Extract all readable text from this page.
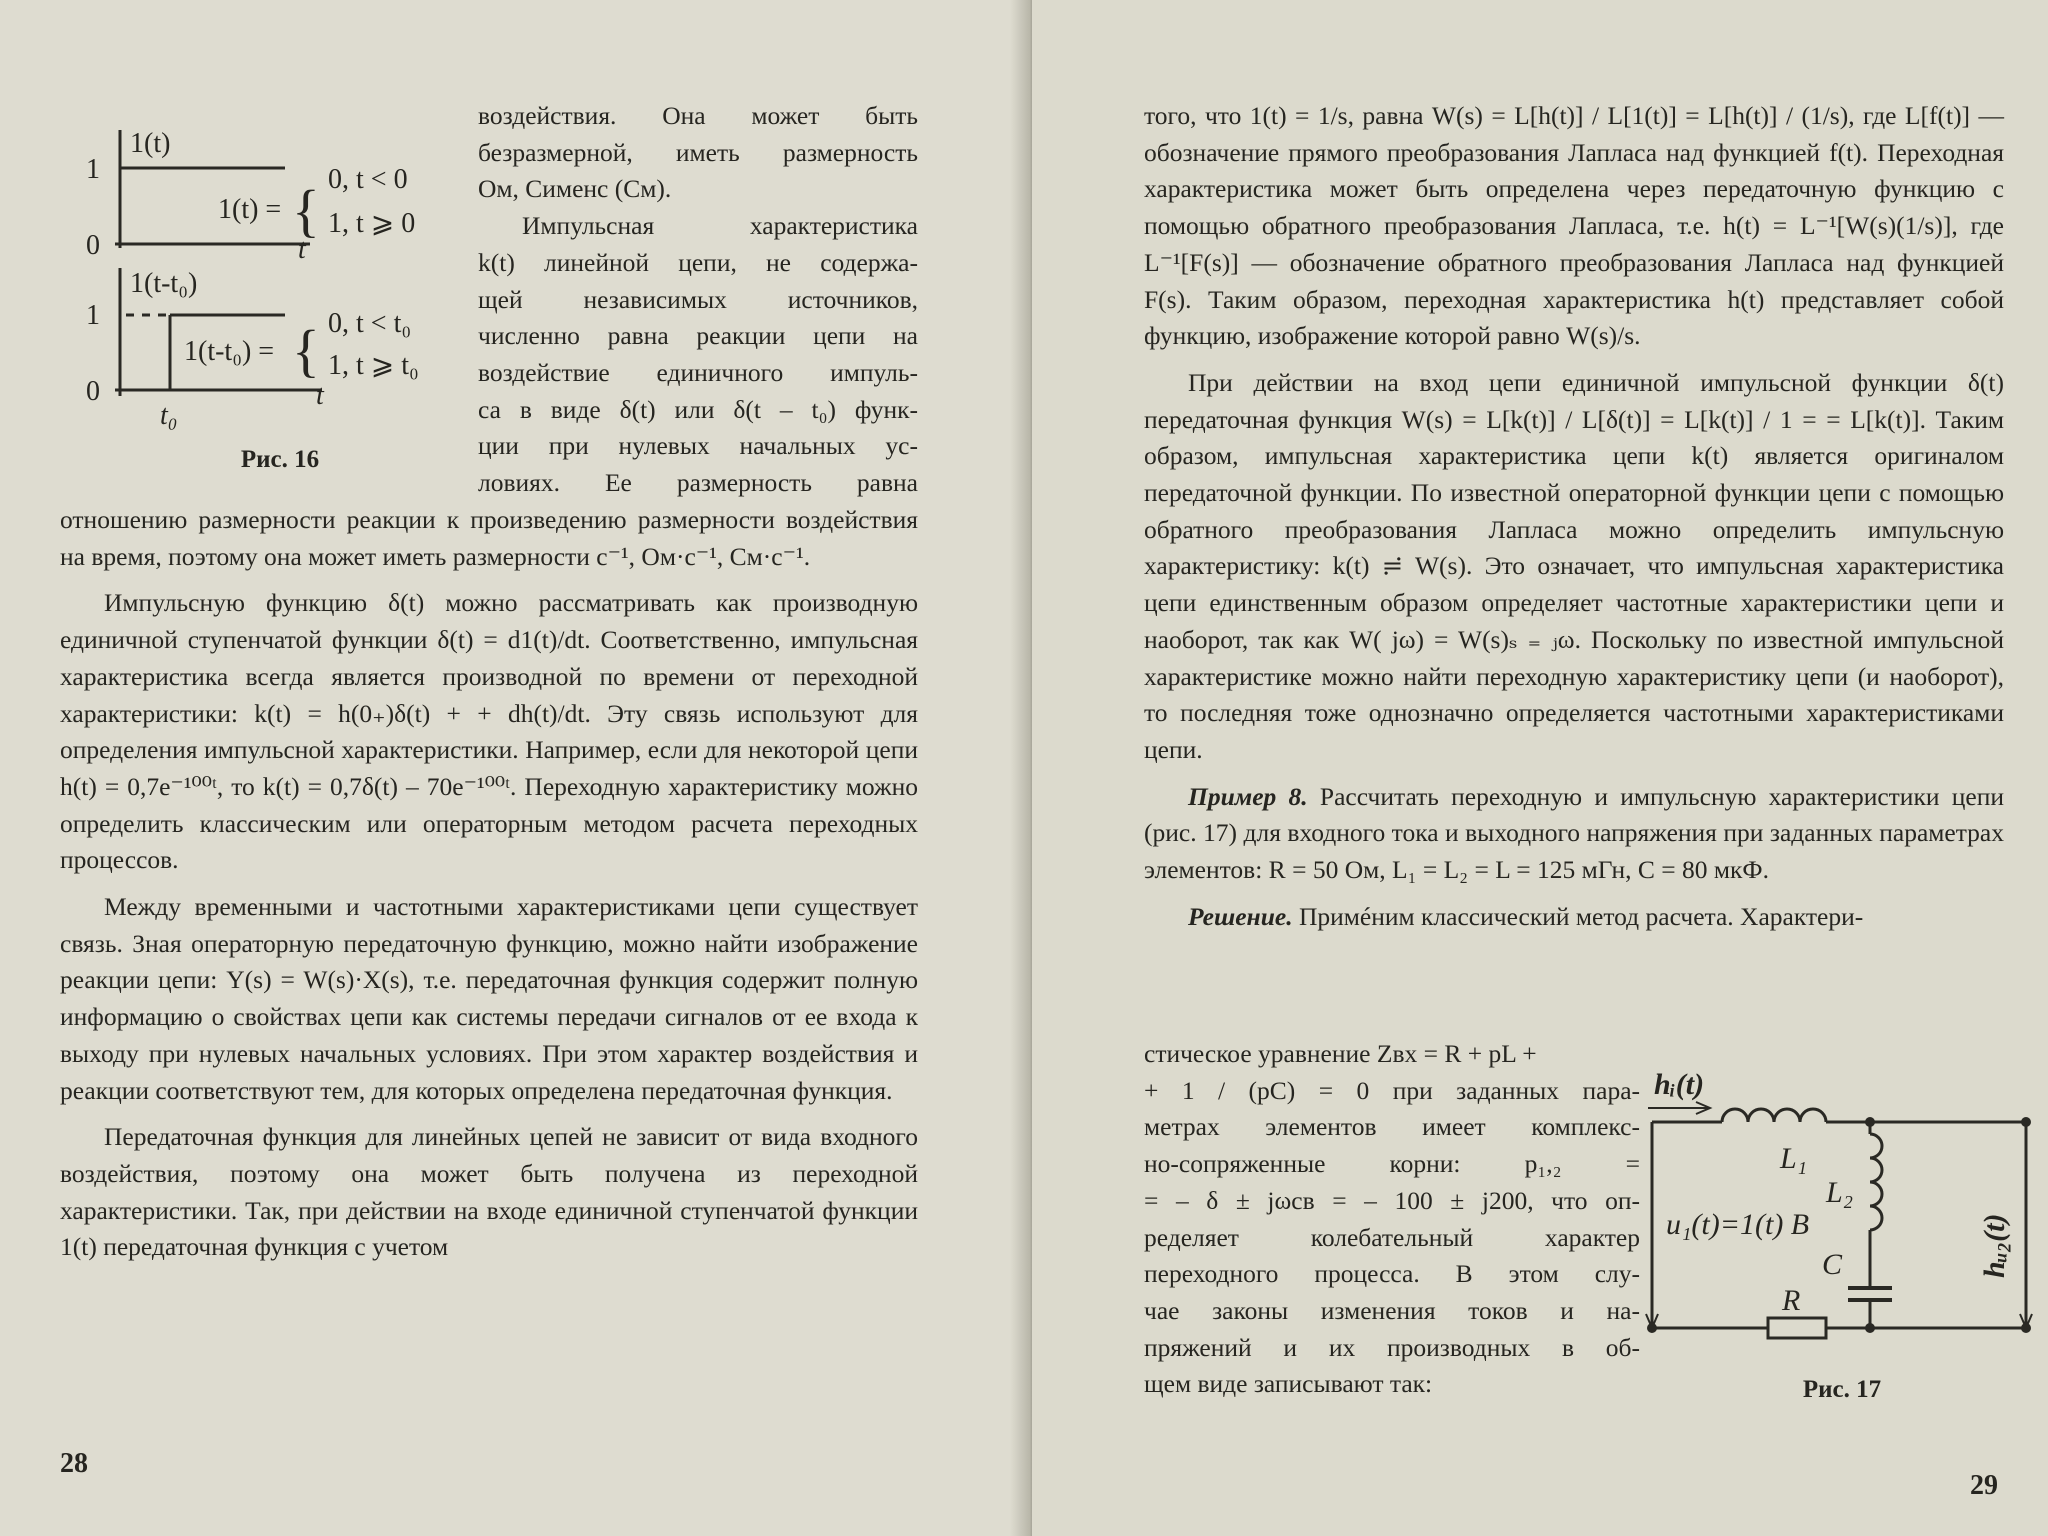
1(t)
1
0	t
1(t) = { 0, t < 0
1, t ⩾ 0
1(t-t₀)
1
0	t
t₀
1(t-t₀) = { 0, t < t₀
1, t ⩾ t₀
Рис. 16
воздействия. Она может быть
безразмерной, иметь размерность
Ом, Сименс (См).
Импульсная характеристика
k(t) линейной цепи, не содержа-
щей независимых источников,
численно равна реакции цепи на
воздействие единичного импуль-
са в виде δ(t) или δ(t – t₀) функ-
ции при нулевых начальных ус-
ловиях. Ее размерность равна

отношению размерности реакции к произведению размерности воздействия на время, поэтому она может иметь размерности с⁻¹, Ом·с⁻¹, См·с⁻¹.

Импульсную функцию δ(t) можно рассматривать как производную единичной ступенчатой функции δ(t) = d1(t)/dt. Соответственно, импульсная характеристика всегда является производной по времени от переходной характеристики: k(t) = h(0₊)δ(t) + + dh(t)/dt. Эту связь используют для определения импульсной характеристики. Например, если для некоторой цепи h(t) = 0,7e⁻¹⁰⁰ᵗ, то k(t) = 0,7δ(t) – 70e⁻¹⁰⁰ᵗ. Переходную характеристику можно определить классическим или операторным методом расчета переходных процессов.

Между временными и частотными характеристиками цепи существует связь. Зная операторную передаточную функцию, можно найти изображение реакции цепи: Y(s) = W(s)·X(s), т.е. передаточная функция содержит полную информацию о свойствах цепи как системы передачи сигналов от ее входа к выходу при нулевых начальных условиях. При этом характер воздействия и реакции соответствуют тем, для которых определена передаточная функция.

Передаточная функция для линейных цепей не зависит от вида входного воздействия, поэтому она может быть получена из переходной характеристики. Так, при действии на входе единичной ступенчатой функции 1(t) передаточная функция с учетом

28

того, что 1(t) = 1/s, равна W(s) = L[h(t)] / L[1(t)] = L[h(t)] / (1/s), где L[f(t)] — обозначение прямого преобразования Лапласа над функцией f(t). Переходная характеристика может быть определена через передаточную функцию с помощью обратного преобразования Лапласа, т.е. h(t) = L⁻¹[W(s)(1/s)], где L⁻¹[F(s)] — обозначение обратного преобразования Лапласа над функцией F(s). Таким образом, переходная характеристика h(t) представляет собой функцию, изображение которой равно W(s)/s.

При действии на вход цепи единичной импульсной функции δ(t) передаточная функция W(s) = L[k(t)] / L[δ(t)] = L[k(t)] / 1 = = L[k(t)]. Таким образом, импульсная характеристика цепи k(t) является оригиналом передаточной функции. По известной операторной функции цепи с помощью обратного преобразования Лапласа можно определить импульсную характеристику: k(t) ≓ W(s). Это означает, что импульсная характеристика цепи единственным образом определяет частотные характеристики цепи и наоборот, так как W( jω) = W(s)ₛ ₌ ⱼω. Поскольку по известной импульсной характеристике можно найти переходную характеристику цепи (и наоборот), то последняя тоже однозначно определяется частотными характеристиками цепи.

Пример 8. Рассчитать переходную и импульсную характеристики цепи (рис. 17) для входного тока и выходного напряжения при заданных параметрах элементов: R = 50 Ом, L₁ = L₂ = L = 125 мГн, C = 80 мкФ.

Решение. Примéним классический метод расчета. Характери-

стическое уравнение Zвх = R + pL +
+ 1 / (pC) = 0 при заданных пара-
метрах элементов имеет комплекс-
но-сопряженные корни: p₁,₂ =
= – δ ± jωсв = – 100 ± j200, что оп-
ределяет колебательный характер
переходного процесса. В этом слу-
чае законы изменения токов и на-
пряжений и их производных в об-
щем виде записывают так:
hᵢ(t)
L₁
L₂
C
R
u₁(t)=1(t) В	hᵤ₂(t)
Рис. 17
29
